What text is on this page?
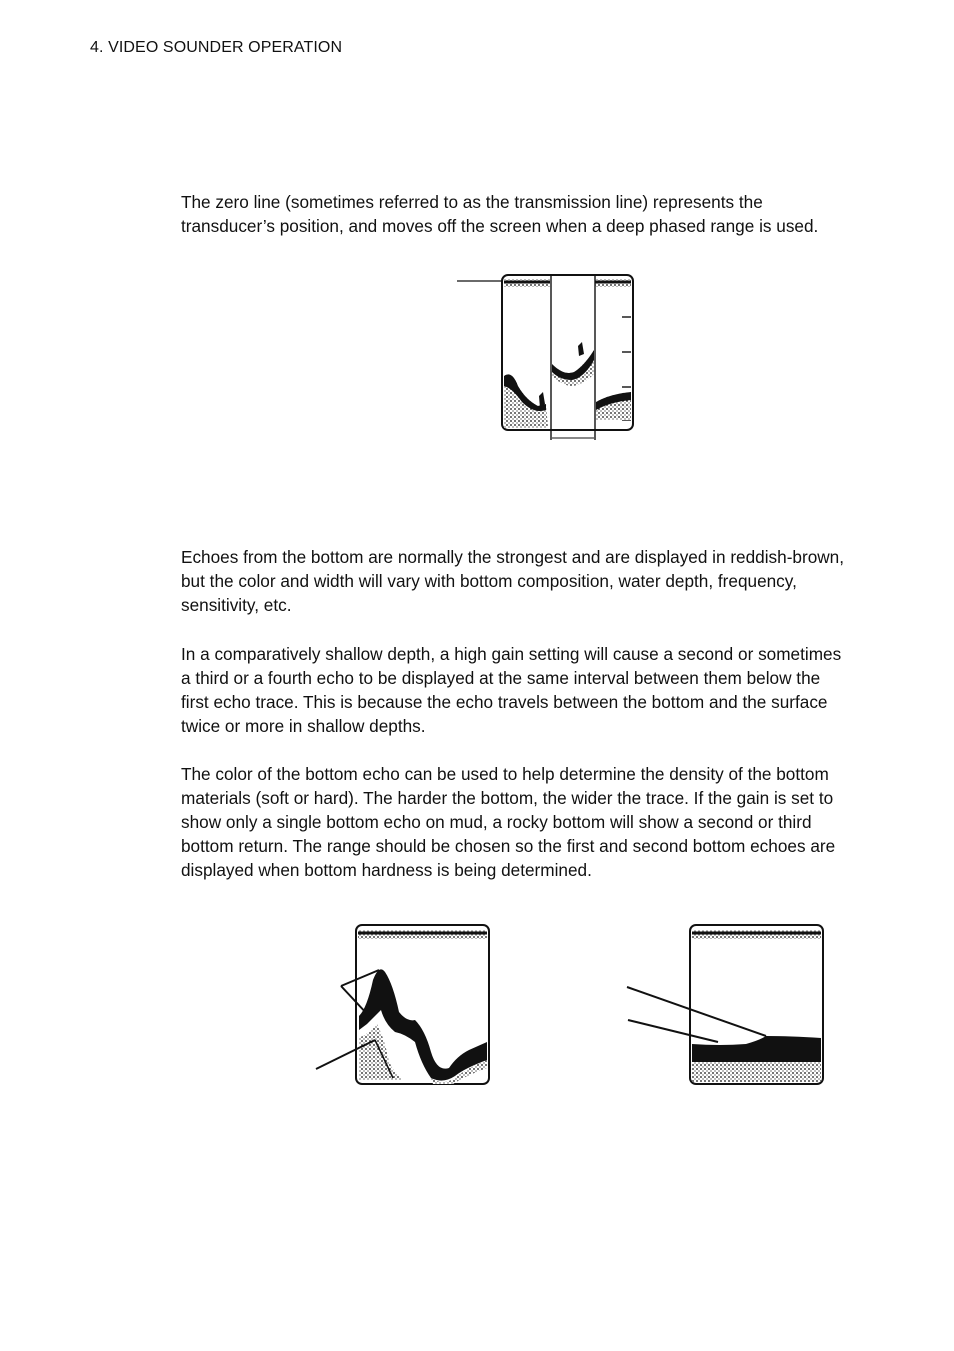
4. VIDEO SOUNDER OPERATION

The zero line (sometimes referred to as the transmission line) represents the transducer’s position, and moves off the screen when a deep phased range is used.

Echoes from the bottom are normally the strongest and are displayed in reddish-brown, but the color and width will vary with bottom composition, water depth, frequency, sensitivity, etc.

In a comparatively shallow depth, a high gain setting will cause a second or sometimes a third or a fourth echo to be displayed at the same interval between them below the first echo trace. This is because the echo travels between the bottom and the surface twice or more in shallow depths.

The color of the bottom echo can be used to help determine the density of the bottom materials (soft or hard). The harder the bottom, the wider the trace. If the gain is set to show only a single bottom echo on mud, a rocky bottom will show a second or third bottom return. The range should be chosen so the first and second bottom echoes are displayed when bottom hardness is being determined.
